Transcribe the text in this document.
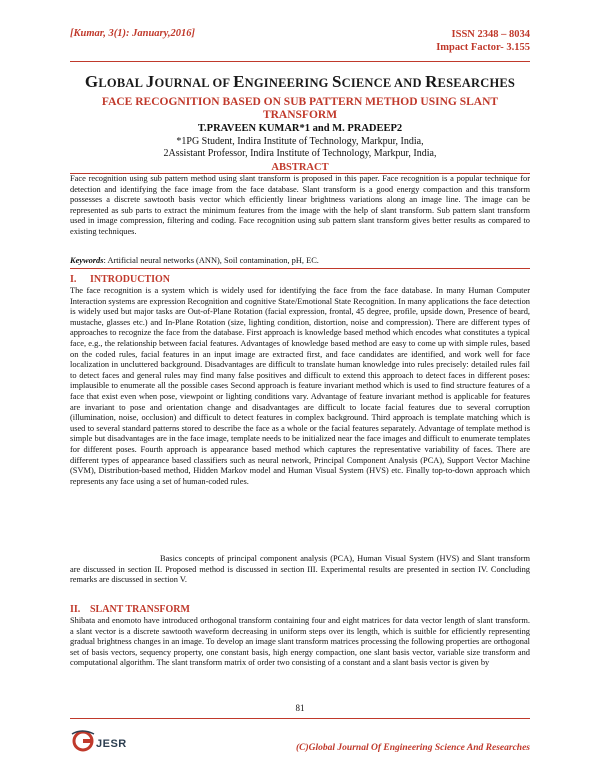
[Kumar, 3(1): January,2016]	ISSN 2348 – 8034
Impact Factor- 3.155
GLOBAL JOURNAL OF ENGINEERING SCIENCE AND RESEARCHES
FACE RECOGNITION BASED ON SUB PATTERN METHOD USING SLANT TRANSFORM
T.PRAVEEN KUMAR*1 and M. PRADEEP2
*1PG Student, Indira Institute of Technology, Markpur, India,
2Assistant Professor, Indira Institute of Technology, Markpur, India,
ABSTRACT

Face recognition using sub pattern method using slant transform is proposed in this paper. Face recognition is a popular technique for detection and identifying the face image from the face database. Slant transform is a good energy compaction and this transform possesses a discrete sawtooth basis vector which efficiently linear brightness variations along an image line. The image can be represented as sub parts to extract the minimum features from the image with the help of slant transform. Sub pattern slant transform used in image compression, filtering and coding. Face recognition using sub pattern slant transform gives better results as compared to existing techniques.

Keywords: Artificial neural networks (ANN), Soil contamination, pH, EC.
I. INTRODUCTION

The face recognition is a system which is widely used for identifying the face from the face database. In many Human Computer Interaction systems are expression Recognition and cognitive State/Emotional State Recognition. In many applications the face detection is widely used but major tasks are Out-of-Plane Rotation (facial expression, frontal, 45 degree, profile, upside down, Presence of beard, mustache, glasses etc.) and In-Plane Rotation (size, lighting condition, distortion, noise and compression). There are different types of approaches to recognize the face from the database. First approach is knowledge based method which encodes what constitutes a typical face, e.g., the relationship between facial features. Advantages of knowledge based method are easy to come up with simple rules, based on the coded rules, facial features in an input image are extracted first, and face candidates are identified, and work well for face localization in uncluttered background. Disadvantages are difficult to translate human knowledge into rules precisely: detailed rules fail to detect faces and general rules may find many false positives and difficult to extend this approach to detect faces in different poses: implausible to enumerate all the possible cases Second approach is feature invariant method which is used to find structure features of a face that exist even when pose, viewpoint or lighting conditions vary. Advantage of feature invariant method is applicable for features are invariant to pose and orientation change and disadvantages are difficult to locate facial features due to several corruption (illumination, noise, occlusion) and difficult to detect features in complex background. Third approach is template matching which is used to several standard patterns stored to describe the face as a whole or the facial features separately. Advantage of template method is simple but disadvantages are in the face image, template needs to be initialized near the face images and difficult to enumerate templates for different poses. Fourth approach is appearance based method which captures the representative variability of faces. There are different types of appearance based classifiers such as neural network, Principal Component Analysis (PCA), Support Vector Machine (SVM), Distribution-based method, Hidden Markov model and Human Visual System (HVS) etc. Finally top-to-down approach which represents any face using a set of human-coded rules.

Basics concepts of principal component analysis (PCA), Human Visual System (HVS) and Slant transform are discussed in section II. Proposed method is discussed in section III. Experimental results are presented in section IV. Concluding remarks are discussed in section V.

II. SLANT TRANSFORM

Shibata and enomoto have introduced orthogonal transform containing four and eight matrices for data vector length of slant transform. a slant vector is a discrete sawtooth waveform decreasing in uniform steps over its length, which is suitble for efficiently representing gradual brightness changes in an image. To develop an image slant transform matrices processing the following properties are orthogonal set of basis vectors, sequency property, one constant basis, high energy compaction, one slant basis vector, variable size transform and computational algorithm. The slant transform matrix of order two consisting of a constant and a slant basis vector is given by

81
JESR	(C)Global Journal Of Engineering Science And Researches
